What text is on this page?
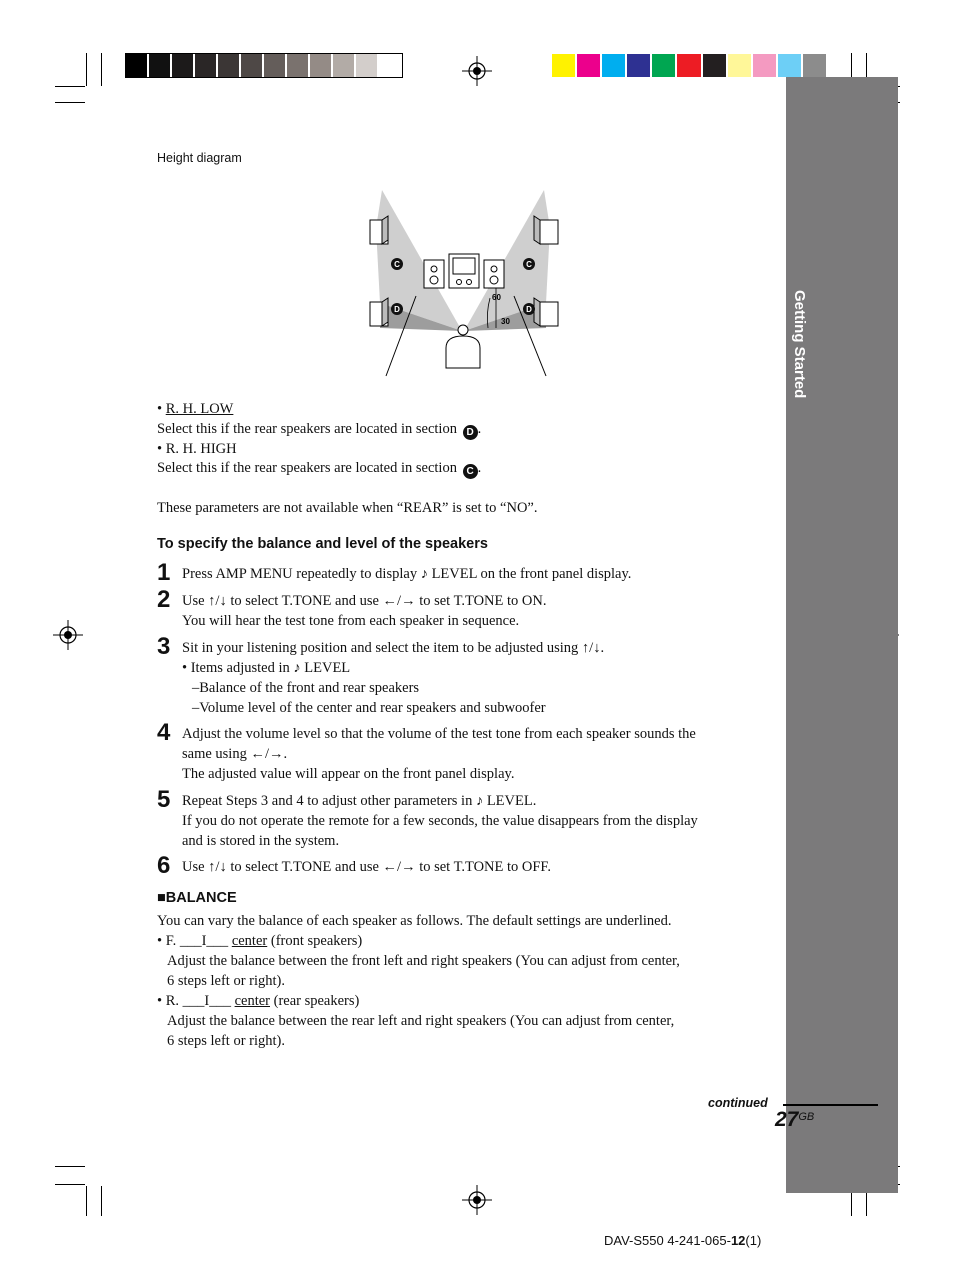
Getting Started
Height diagram
C	C
D	D
60
30
• R. H. LOW
Select this if the rear speakers are located in section D .
• R. H. HIGH
Select this if the rear speakers are located in section C .
These parameters are not available when “REAR” is set to “NO”.
To specify the balance and level of the speakers
1 Press AMP MENU repeatedly to display ♪ LEVEL on the front panel display.
2 Use ↑/↓ to select T.TONE and use ←/→ to set T.TONE to ON.
You will hear the test tone from each speaker in sequence.
3 Sit in your listening position and select the item to be adjusted using ↑/↓.
• Items adjusted in ♪ LEVEL
–Balance of the front and rear speakers
–Volume level of the center and rear speakers and subwoofer
4 Adjust the volume level so that the volume of the test tone from each speaker sounds the
same using ←/→.
The adjusted value will appear on the front panel display.
5 Repeat Steps 3 and 4 to adjust other parameters in ♪ LEVEL.
If you do not operate the remote for a few seconds, the value disappears from the display
and is stored in the system.
6 Use ↑/↓ to select T.TONE and use ←/→ to set T.TONE to OFF.
■BALANCE
You can vary the balance of each speaker as follows. The default settings are underlined.
• F. ___I___ center (front speakers)
Adjust the balance between the front left and right speakers (You can adjust from center,
6 steps left or right).
• R. ___I___ center (rear speakers)
Adjust the balance between the rear left and right speakers (You can adjust from center,
6 steps left or right).
continued
$27^{GB}$
DAV-S550 4-241-065-12(1)
